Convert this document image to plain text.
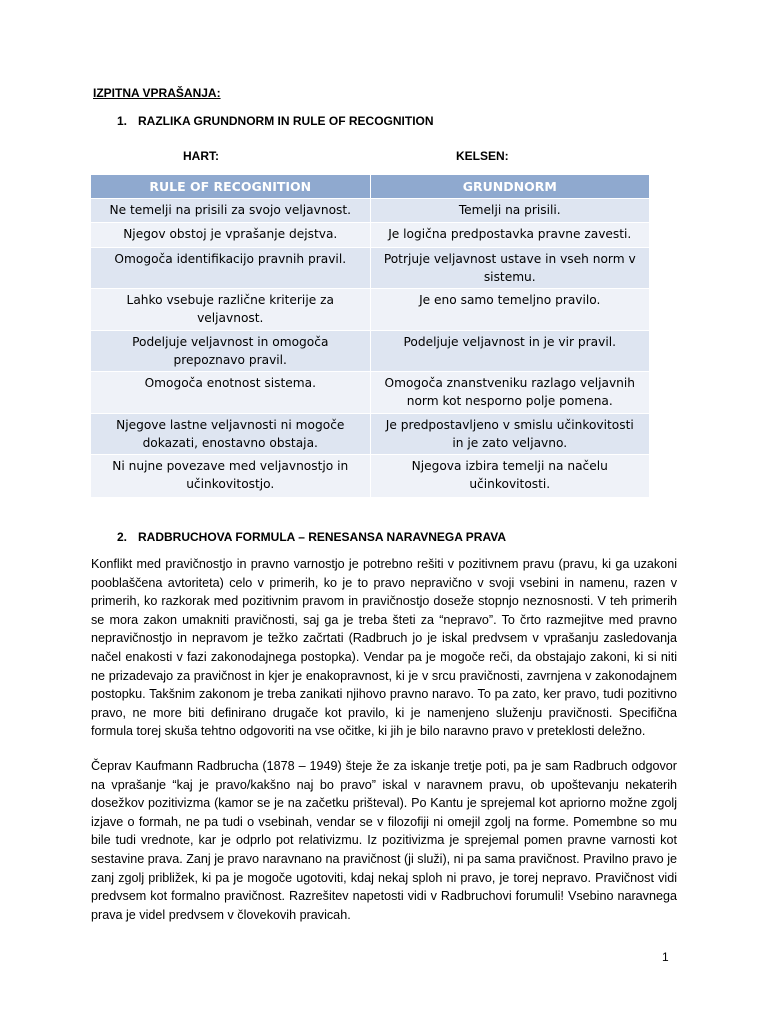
IZPITNA VPRAŠANJA:
1. RAZLIKA GRUNDNORM IN RULE OF RECOGNITION
HART:	KELSEN:
RULE OF RECOGNITION	GRUNDNORM
Ne temelji na prisili za svojo veljavnost.	Temelji na prisili.
Njegov obstoj je vprašanje dejstva.	Je logična predpostavka pravne zavesti.
Omogoča identifikacijo pravnih pravil.	Potrjuje veljavnost ustave in vseh norm v sistemu.
Lahko vsebuje različne kriterije za veljavnost.	Je eno samo temeljno pravilo.
Podeljuje veljavnost in omogoča prepoznavo pravil.	Podeljuje veljavnost in je vir pravil.
Omogoča enotnost sistema.	Omogoča znanstveniku razlago veljavnih norm kot nesporno polje pomena.
Njegove lastne veljavnosti ni mogoče dokazati, enostavno obstaja.	Je predpostavljeno v smislu učinkovitosti in je zato veljavno.
Ni nujne povezave med veljavnostjo in učinkovitostjo.	Njegova izbira temelji na načelu učinkovitosti.
2. RADBRUCHOVA FORMULA – RENESANSA NARAVNEGA PRAVA

Konflikt med pravičnostjo in pravno varnostjo je potrebno rešiti v pozitivnem pravu (pravu, ki ga uzakoni pooblaščena avtoriteta) celo v primerih, ko je to pravo nepravično v svoji vsebini in namenu, razen v primerih, ko razkorak med pozitivnim pravom in pravičnostjo doseže stopnjo neznosnosti. V teh primerih se mora zakon umakniti pravičnosti, saj ga je treba šteti za “nepravo”. To črto razmejitve med pravno nepravičnostjo in nepravom je težko začrtati (Radbruch jo je iskal predvsem v vprašanju zasledovanja načel enakosti v fazi zakonodajnega postopka). Vendar pa je mogoče reči, da obstajajo zakoni, ki si niti ne prizadevajo za pravičnost in kjer je enakopravnost, ki je v srcu pravičnosti, zavrnjena v zakonodajnem postopku. Takšnim zakonom je treba zanikati njihovo pravno naravo. To pa zato, ker pravo, tudi pozitivno pravo, ne more biti definirano drugače kot pravilo, ki je namenjeno služenju pravičnosti. Specifična formula torej skuša tehtno odgovoriti na vse očitke, ki jih je bilo naravno pravo v preteklosti deležno.

Čeprav Kaufmann Radbrucha (1878 – 1949) šteje že za iskanje tretje poti, pa je sam Radbruch odgovor na vprašanje “kaj je pravo/kakšno naj bo pravo” iskal v naravnem pravu, ob upoštevanju nekaterih dosežkov pozitivizma (kamor se je na začetku prišteval). Po Kantu je sprejemal kot apriorno možne zgolj izjave o formah, ne pa tudi o vsebinah, vendar se v filozofiji ni omejil zgolj na forme. Pomembne so mu bile tudi vrednote, kar je odprlo pot relativizmu. Iz pozitivizma je sprejemal pomen pravne varnosti kot sestavine prava. Zanj je pravo naravnano na pravičnost (ji služi), ni pa sama pravičnost. Pravilno pravo je zanj zgolj približek, ki pa je mogoče ugotoviti, kdaj nekaj sploh ni pravo, je torej nepravo. Pravičnost vidi predvsem kot formalno pravičnost. Razrešitev napetosti vidi v Radbruchovi forumuli! Vsebino naravnega prava je videl predvsem v človekovih pravicah.

1
